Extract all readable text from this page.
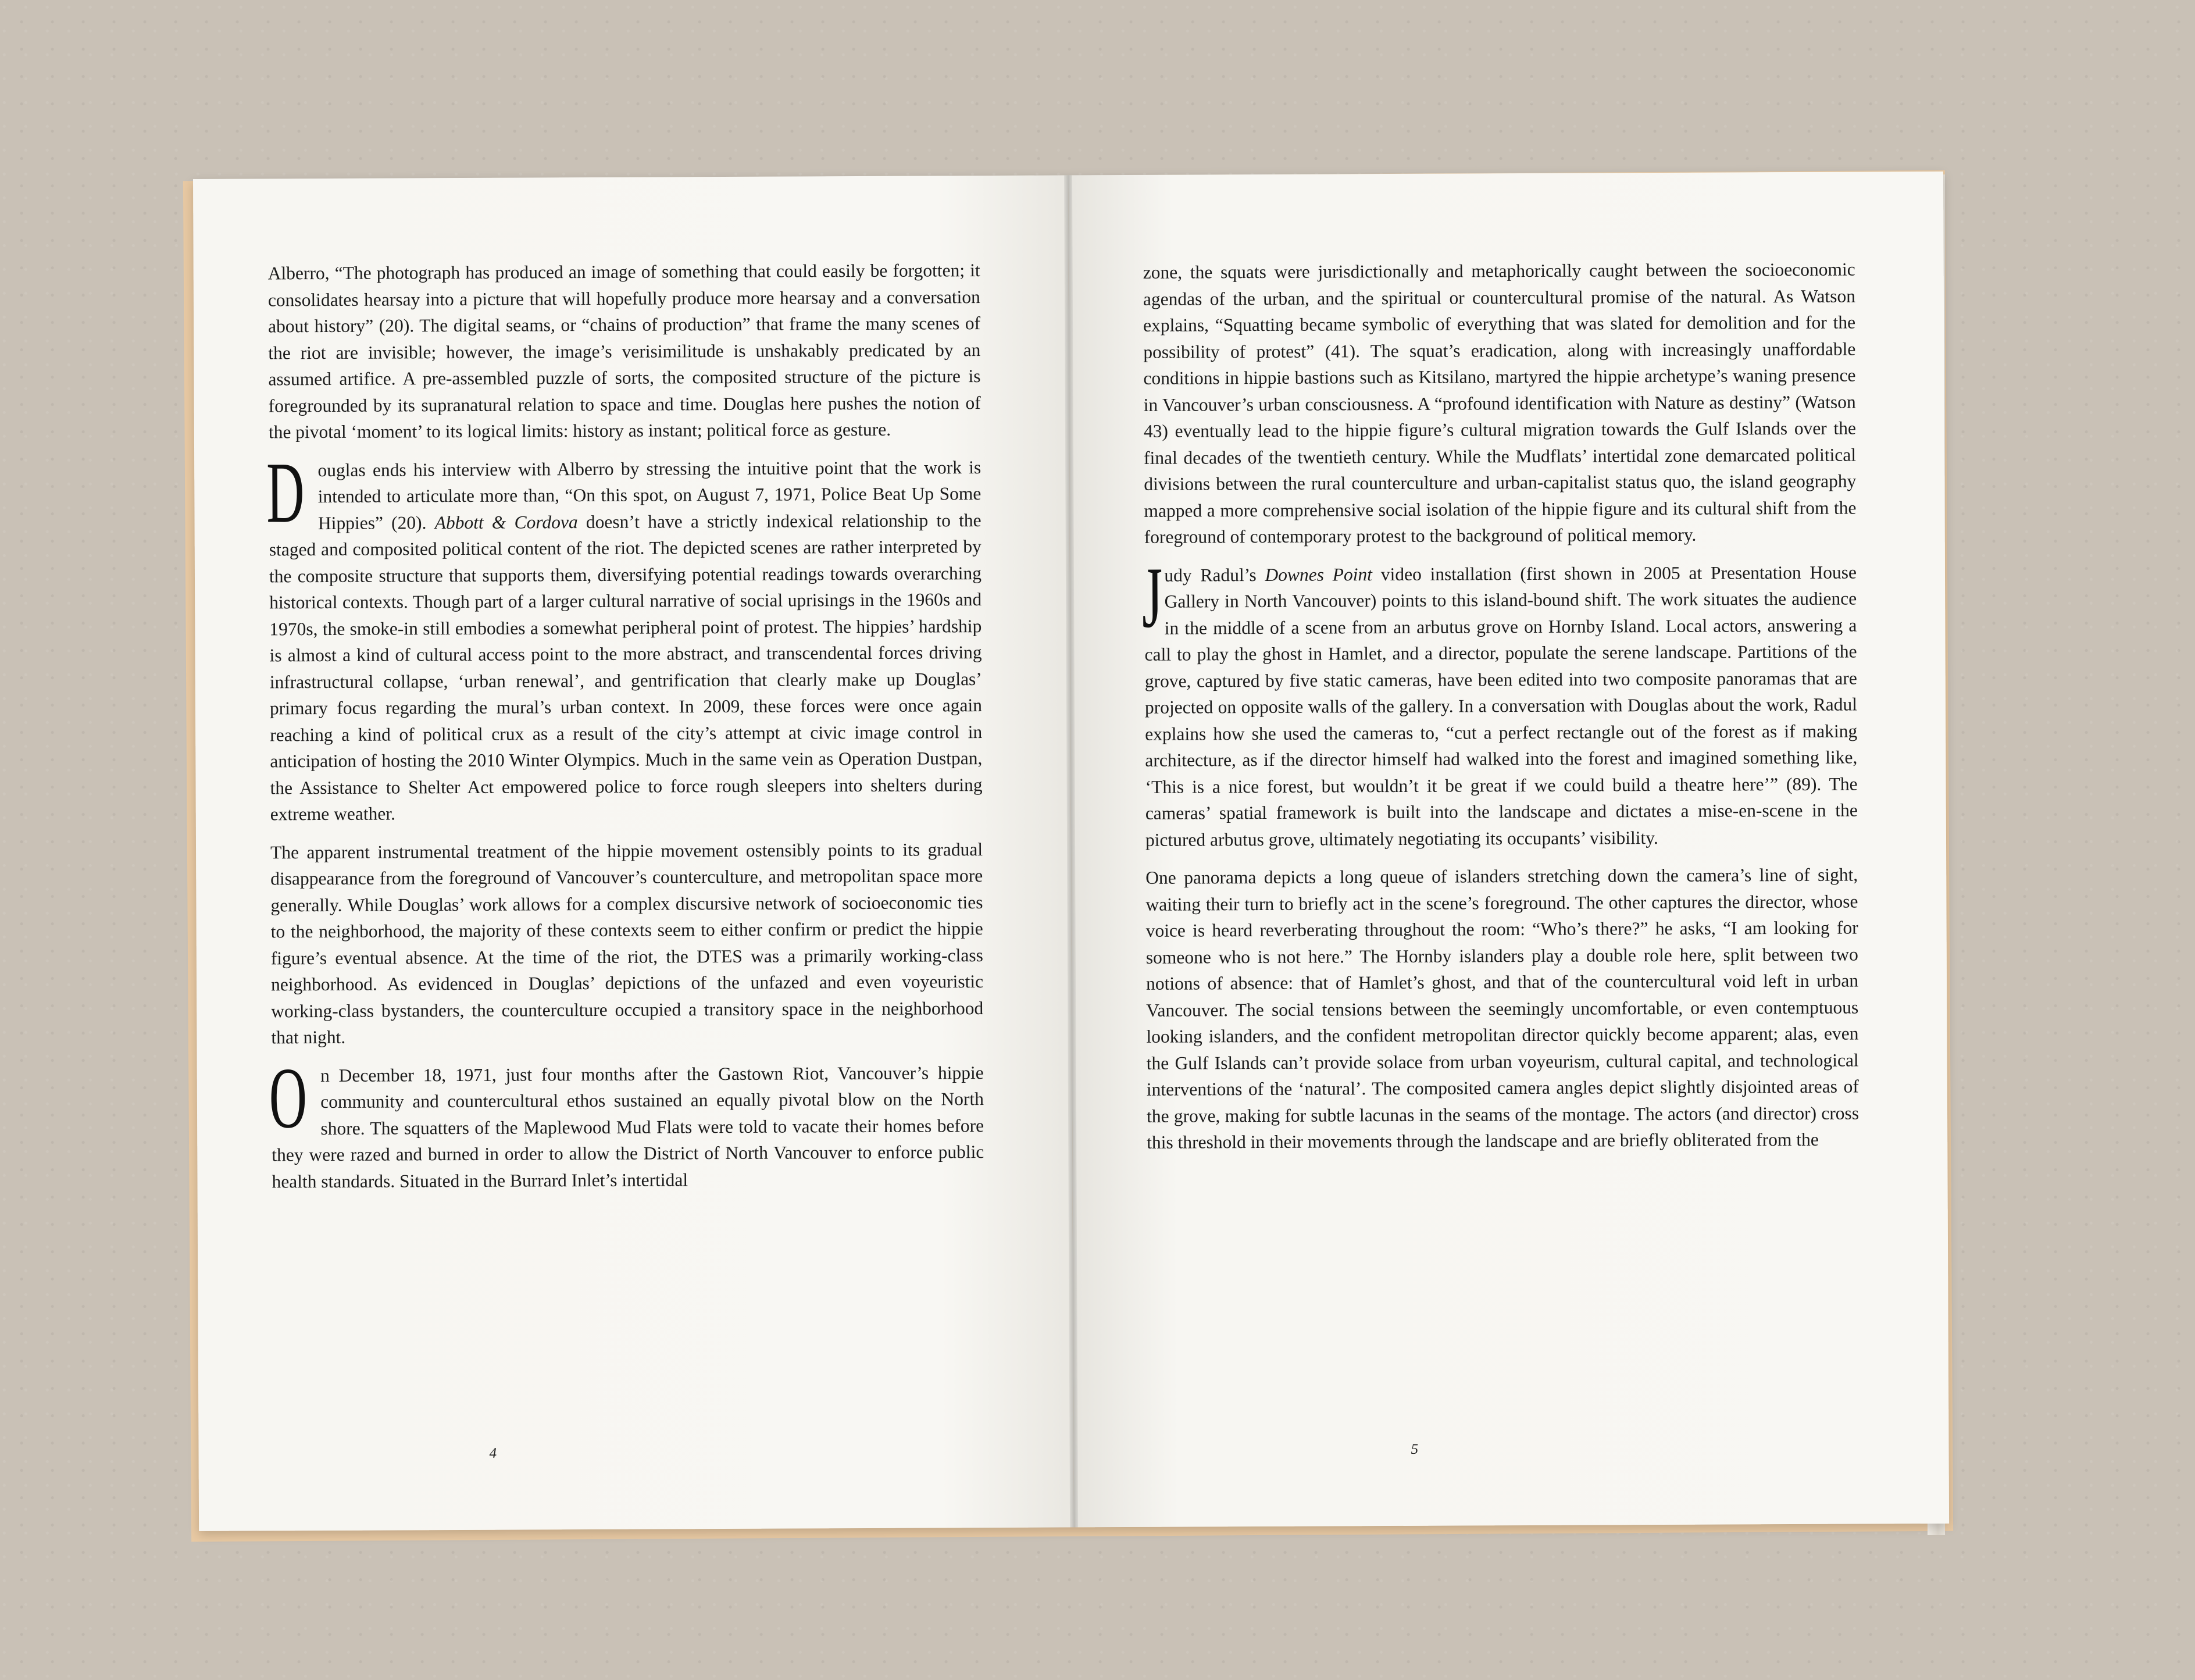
Alberro, “The photograph has produced an image of something that could easily be forgotten; it consolidates hearsay into a picture that will hopefully produce more hearsay and a conversation about history” (20). The digital seams, or “chains of production” that frame the many scenes of the riot are invisible; however, the image’s verisimilitude is unshakably predicated by an assumed artifice. A pre-assembled puzzle of sorts, the composited structure of the picture is foregrounded by its supranatural relation to space and time. Douglas here pushes the notion of the pivotal ‘moment’ to its logical limits: history as instant; political force as gesture.

Douglas ends his interview with Alberro by stressing the intuitive point that the work is intended to articulate more than, “On this spot, on August 7, 1971, Police Beat Up Some Hippies” (20). Abbott & Cordova doesn’t have a strictly indexical relationship to the staged and composited political content of the riot. The depicted scenes are rather interpreted by the composite structure that supports them, diversifying potential readings towards overarching historical contexts. Though part of a larger cultural narrative of social uprisings in the 1960s and 1970s, the smoke-in still embodies a somewhat peripheral point of protest. The hippies’ hardship is almost a kind of cultural access point to the more abstract, and transcendental forces driving infrastructural collapse, ‘urban renewal’, and gentrification that clearly make up Douglas’ primary focus regarding the mural’s urban context. In 2009, these forces were once again reaching a kind of political crux as a result of the city’s attempt at civic image control in anticipation of hosting the 2010 Winter Olympics. Much in the same vein as Operation Dustpan, the Assistance to Shelter Act empowered police to force rough sleepers into shelters during extreme weather.

The apparent instrumental treatment of the hippie movement ostensibly points to its gradual disappearance from the foreground of Vancouver’s counterculture, and metropolitan space more generally. While Douglas’ work allows for a complex discursive network of socioeconomic ties to the neighborhood, the majority of these contexts seem to either confirm or predict the hippie figure’s eventual absence. At the time of the riot, the DTES was a primarily working-class neighborhood. As evidenced in Douglas’ depictions of the unfazed and even voyeuristic working-class bystanders, the counterculture occupied a transitory space in the neighborhood that night.

On December 18, 1971, just four months after the Gastown Riot, Vancouver’s hippie community and countercultural ethos sustained an equally pivotal blow on the North shore. The squatters of the Maplewood Mud Flats were told to vacate their homes before they were razed and burned in order to allow the District of North Vancouver to enforce public health standards. Situated in the Burrard Inlet’s intertidal

4

zone, the squats were jurisdictionally and metaphorically caught between the socioeconomic agendas of the urban, and the spiritual or countercultural promise of the natural. As Watson explains, “Squatting became symbolic of everything that was slated for demolition and for the possibility of protest” (41). The squat’s eradication, along with increasingly unaffordable conditions in hippie bastions such as Kitsilano, martyred the hippie archetype’s waning presence in Vancouver’s urban consciousness. A “profound identification with Nature as destiny” (Watson 43) eventually lead to the hippie figure’s cultural migration towards the Gulf Islands over the final decades of the twentieth century. While the Mudflats’ intertidal zone demarcated political divisions between the rural counterculture and urban-capitalist status quo, the island geography mapped a more comprehensive social isolation of the hippie figure and its cultural shift from the foreground of contemporary protest to the background of political memory.

Judy Radul’s Downes Point video installation (first shown in 2005 at Presentation House Gallery in North Vancouver) points to this island-bound shift. The work situates the audience in the middle of a scene from an arbutus grove on Hornby Island. Local actors, answering a call to play the ghost in Hamlet, and a director, populate the serene landscape. Partitions of the grove, captured by five static cameras, have been edited into two composite panoramas that are projected on opposite walls of the gallery. In a conversation with Douglas about the work, Radul explains how she used the cameras to, “cut a perfect rectangle out of the forest as if making architecture, as if the director himself had walked into the forest and imagined something like, ‘This is a nice forest, but wouldn’t it be great if we could build a theatre here’” (89). The cameras’ spatial framework is built into the landscape and dictates a mise-en-scene in the pictured arbutus grove, ultimately negotiating its occupants’ visibility.

One panorama depicts a long queue of islanders stretching down the camera’s line of sight, waiting their turn to briefly act in the scene’s foreground. The other captures the director, whose voice is heard reverberating throughout the room: “Who’s there?” he asks, “I am looking for someone who is not here.” The Hornby islanders play a double role here, split between two notions of absence: that of Hamlet’s ghost, and that of the countercultural void left in urban Vancouver. The social tensions between the seemingly uncomfortable, or even contemptuous looking islanders, and the confident metropolitan director quickly become apparent; alas, even the Gulf Islands can’t provide solace from urban voyeurism, cultural capital, and technological interventions of the ‘natural’. The composited camera angles depict slightly disjointed areas of the grove, making for subtle lacunas in the seams of the montage. The actors (and director) cross this threshold in their movements through the landscape and are briefly obliterated from the

5
